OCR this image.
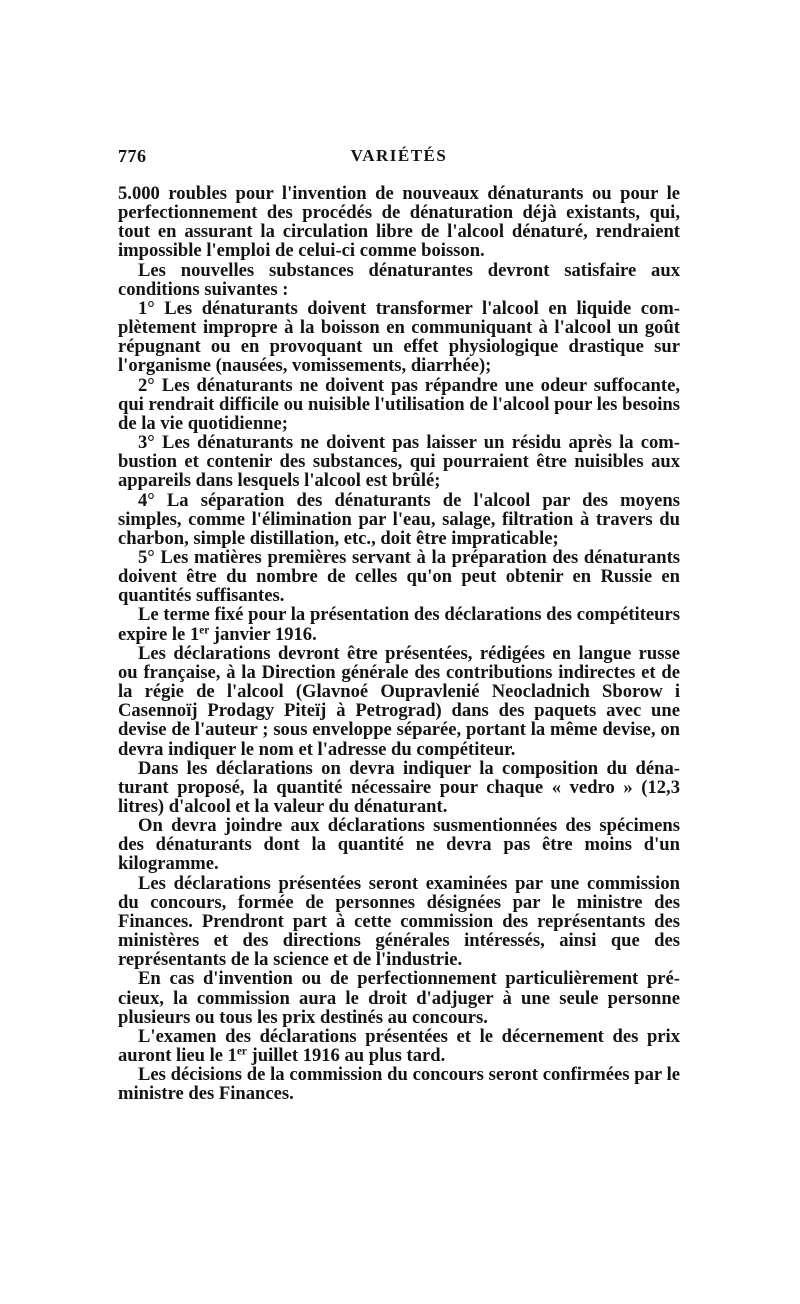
776	VARIÉTÉS

5.000 roubles pour l'invention de nouveaux dénaturants ou pour le perfectionnement des procédés de dénaturation déjà existants, qui, tout en assurant la circulation libre de l'alcool dénaturé, rendraient impossible l'emploi de celui-ci comme boisson.

Les nouvelles substances dénaturantes devront satisfaire aux conditions suivantes :

1° Les dénaturants doivent transformer l'alcool en liquide complètement impropre à la boisson en communiquant à l'alcool un goût répugnant ou en provoquant un effet physiologique drastique sur l'organisme (nausées, vomissements, diarrhée);

2° Les dénaturants ne doivent pas répandre une odeur suffocante, qui rendrait difficile ou nuisible l'utilisation de l'alcool pour les besoins de la vie quotidienne;

3° Les dénaturants ne doivent pas laisser un résidu après la combustion et contenir des substances, qui pourraient être nuisibles aux appareils dans lesquels l'alcool est brûlé;

4° La séparation des dénaturants de l'alcool par des moyens simples, comme l'élimination par l'eau, salage, filtration à travers du charbon, simple distillation, etc., doit être impraticable;

5° Les matières premières servant à la préparation des dénaturants doivent être du nombre de celles qu'on peut obtenir en Russie en quantités suffisantes.

Le terme fixé pour la présentation des déclarations des compétiteurs expire le 1er janvier 1916.

Les déclarations devront être présentées, rédigées en langue russe ou française, à la Direction générale des contributions indirectes et de la régie de l'alcool (Glavnoé Oupravlenié Neocladnich Sborow i Casennoïj Prodagy Piteïj à Petrograd) dans des paquets avec une devise de l'auteur ; sous enveloppe séparée, portant la même devise, on devra indiquer le nom et l'adresse du compétiteur.

Dans les déclarations on devra indiquer la composition du dénaturant proposé, la quantité nécessaire pour chaque « vedro » (12,3 litres) d'alcool et la valeur du dénaturant.

On devra joindre aux déclarations susmentionnées des spécimens des dénaturants dont la quantité ne devra pas être moins d'un kilogramme.

Les déclarations présentées seront examinées par une commission du concours, formée de personnes désignées par le ministre des Finances. Prendront part à cette commission des représentants des ministères et des directions générales intéressés, ainsi que des représentants de la science et de l'industrie.

En cas d'invention ou de perfectionnement particulièrement précieux, la commission aura le droit d'adjuger à une seule personne plusieurs ou tous les prix destinés au concours.

L'examen des déclarations présentées et le décernement des prix auront lieu le 1er juillet 1916 au plus tard.

Les décisions de la commission du concours seront confirmées par le ministre des Finances.
